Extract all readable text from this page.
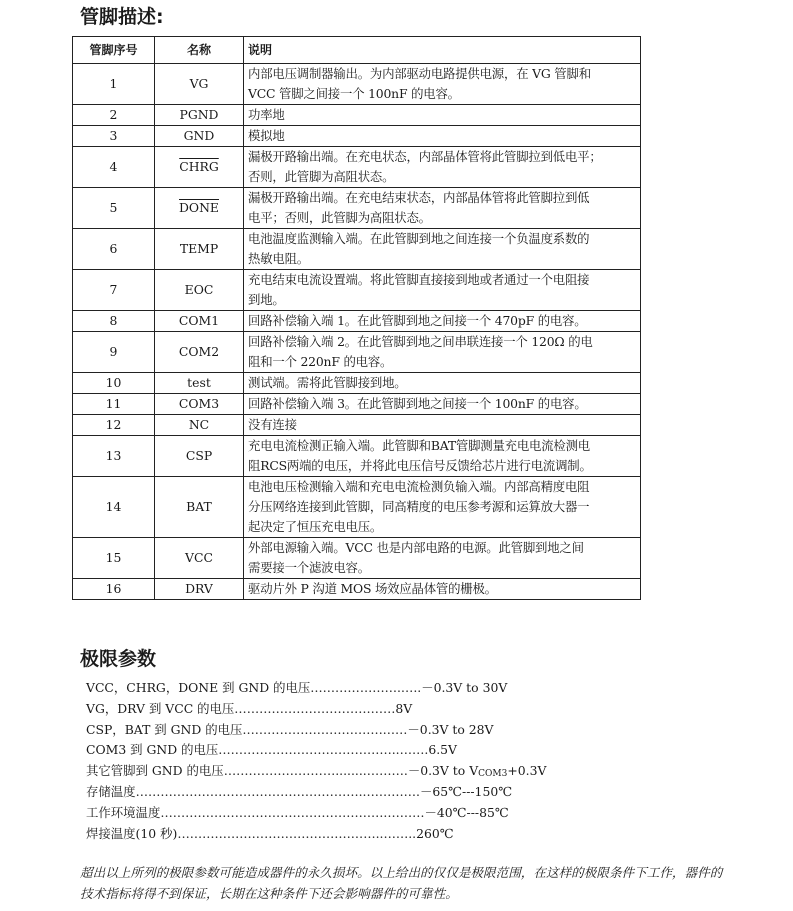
管脚描述:
管脚序号	名称	说明
1	VG	内部电压调制器输出。为内部驱动电路提供电源，在 VG 管脚和
VCC 管脚之间接一个 100nF 的电容。

2	PGND	功率地

3	GND	模拟地

4	CHRG	漏极开路输出端。在充电状态，内部晶体管将此管脚拉到低电平；
否则，此管脚为高阻状态。

5	DONE	漏极开路输出端。在充电结束状态，内部晶体管将此管脚拉到低
电平；否则，此管脚为高阻状态。

6	TEMP	电池温度监测输入端。在此管脚到地之间连接一个负温度系数的
热敏电阻。

7	EOC	充电结束电流设置端。将此管脚直接接到地或者通过一个电阻接
到地。

8	COM1	回路补偿输入端 1。在此管脚到地之间接一个 470pF 的电容。

9	COM2	回路补偿输入端 2。在此管脚到地之间串联连接一个 120Ω 的电
阻和一个 220nF 的电容。

10	test	测试端。需将此管脚接到地。

11	COM3	回路补偿输入端 3。在此管脚到地之间接一个 100nF 的电容。

12	NC	没有连接

13	CSP	充电电流检测正输入端。此管脚和BAT管脚测量充电电流检测电
阻RCS两端的电压，并将此电压信号反馈给芯片进行电流调制。

14	BAT	电池电压检测输入端和充电电流检测负输入端。内部高精度电阻
分压网络连接到此管脚，同高精度的电压参考源和运算放大器一
起决定了恒压充电电压。

15	VCC	外部电源输入端。VCC 也是内部电路的电源。此管脚到地之间
需要接一个滤波电容。

16	DRV	驱动片外 P 沟道 MOS 场效应晶体管的栅极。
极限参数
VCC，CHRG，DONE 到 GND 的电压………………….…..－0.3V to 30V
VG，DRV 到 VCC 的电压…………………………………8V
CSP，BAT 到 GND 的电压…………………………….……－0.3V to 28V
COM3 到 GND 的电压……………………………………..…….6.5V
其它管脚到 GND 的电压………………………........……….－0.3V to $V_{COM3}+0.3V$
存储温度………………………………………………..………….－65℃---150℃
工作环境温度……………………………………………….………－40℃---85℃
焊接温度(10 秒)…………………………………………..……..260℃
超出以上所列的极限参数可能造成器件的永久损坏。以上给出的仅仅是极限范围，在这样的极限条件下工作，器件的技术指标将得不到保证，长期在这种条件下还会影响器件的可靠性。
